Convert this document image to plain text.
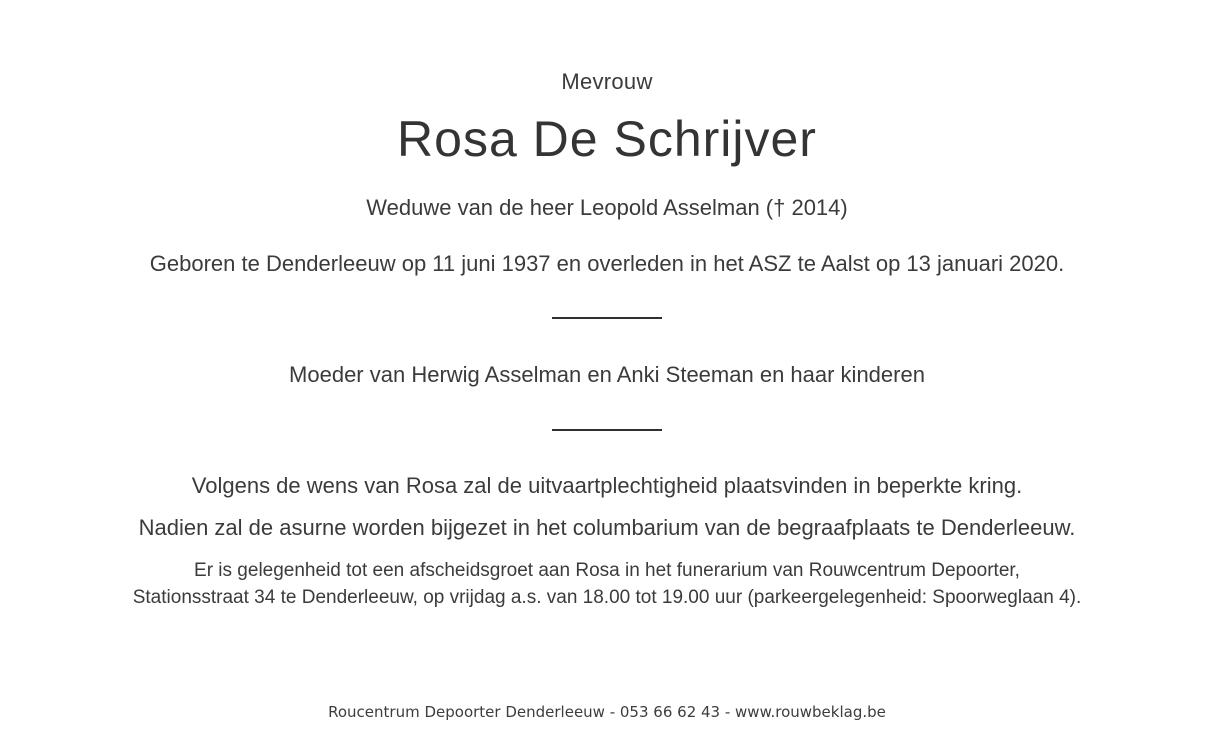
Mevrouw
Rosa De Schrijver
Weduwe van de heer Leopold Asselman († 2014)
Geboren te Denderleeuw op 11 juni 1937 en overleden in het ASZ te Aalst op 13 januari 2020.
Moeder van Herwig Asselman en Anki Steeman en haar kinderen
Volgens de wens van Rosa zal de uitvaartplechtigheid plaatsvinden in beperkte kring.
Nadien zal de asurne worden bijgezet in het columbarium van de begraafplaats te Denderleeuw.
Er is gelegenheid tot een afscheidsgroet aan Rosa in het funerarium van Rouwcentrum Depoorter,
Stationsstraat 34 te Denderleeuw, op vrijdag a.s. van 18.00 tot 19.00 uur (parkeergelegenheid: Spoorweglaan 4).
Roucentrum Depoorter Denderleeuw - 053 66 62 43 - www.rouwbeklag.be
